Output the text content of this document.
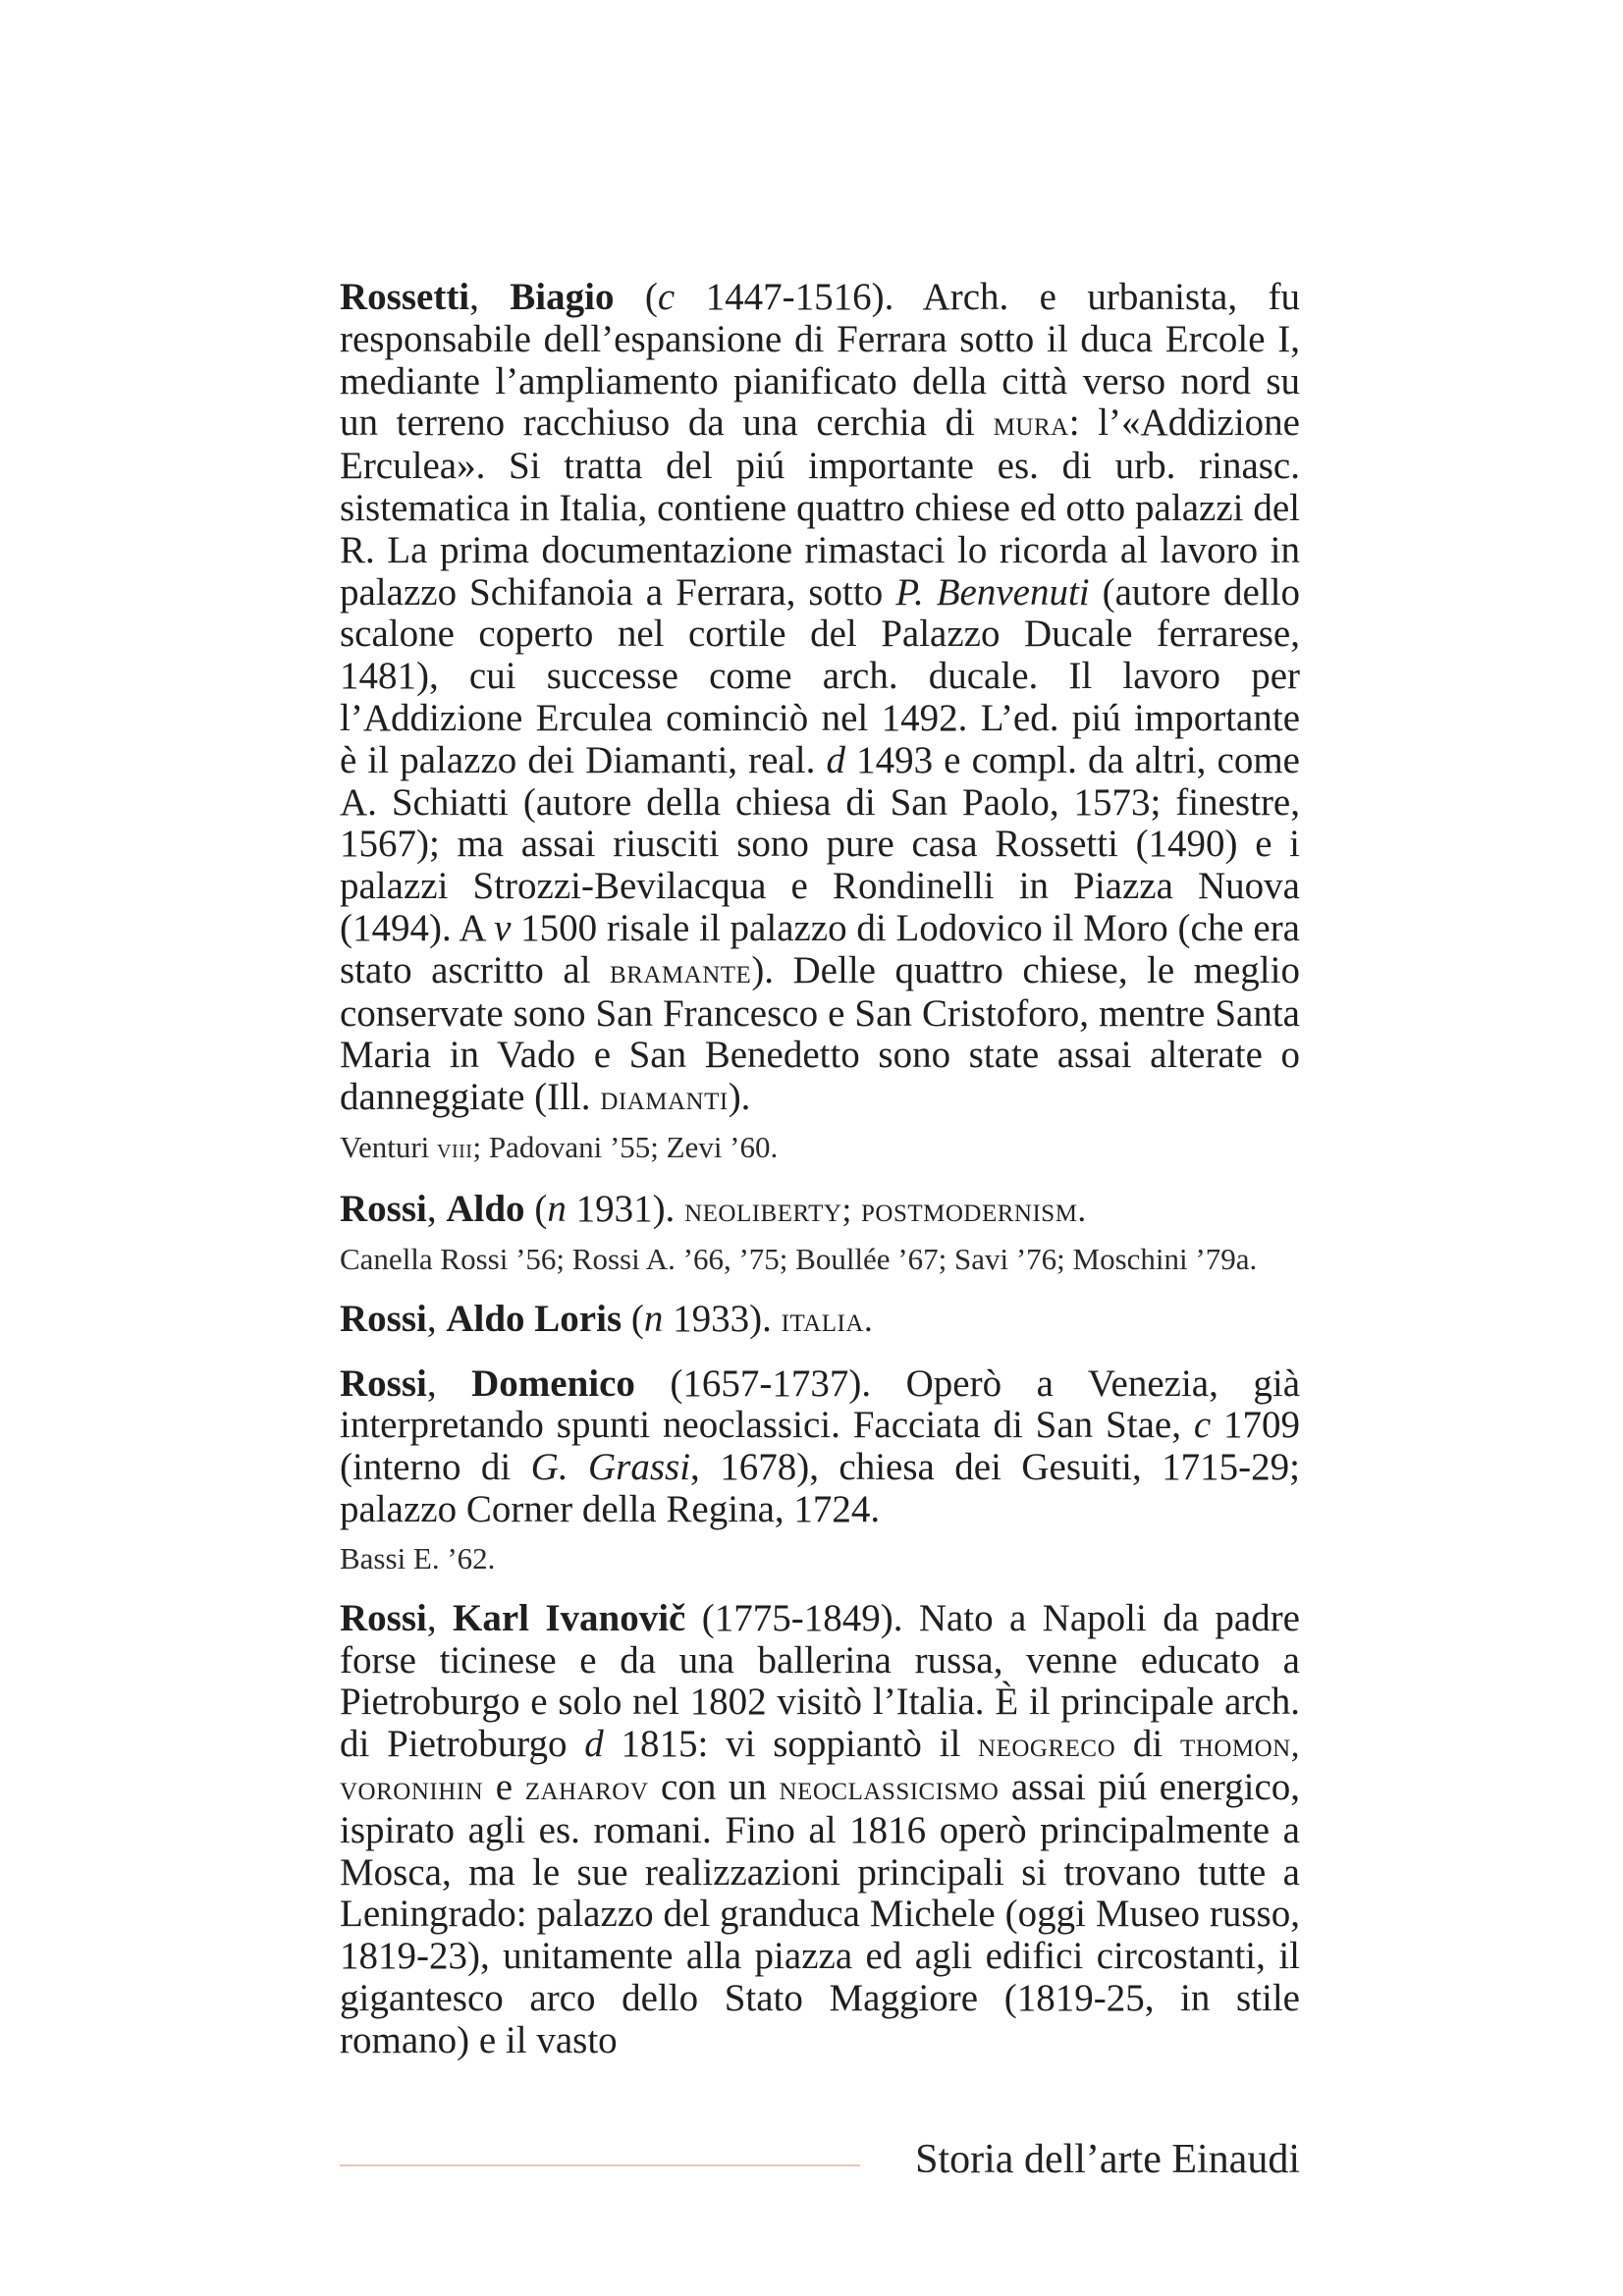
Rossetti, Biagio (c 1447-1516). Arch. e urbanista, fu responsabile dell’espansione di Ferrara sotto il duca Ercole I, mediante l’ampliamento pianificato della città verso nord su un terreno racchiuso da una cerchia di mura: l’«Addizione Erculea». Si tratta del piú importante es. di urb. rinasc. sistematica in Italia, contiene quattro chiese ed otto palazzi del R. La prima documentazione rimastaci lo ricorda al lavoro in palazzo Schifanoia a Ferrara, sotto P. Benvenuti (autore dello scalone coperto nel cortile del Palazzo Ducale ferrarese, 1481), cui successe come arch. ducale. Il lavoro per l’Addizione Erculea cominciò nel 1492. L’ed. piú importante è il palazzo dei Diamanti, real. d 1493 e compl. da altri, come A. Schiatti (autore della chiesa di San Paolo, 1573; finestre, 1567); ma assai riusciti sono pure casa Rossetti (1490) e i palazzi Strozzi-Bevilacqua e Rondinelli in Piazza Nuova (1494). A v 1500 risale il palazzo di Lodovico il Moro (che era stato ascritto al bramante). Delle quattro chiese, le meglio conservate sono San Francesco e San Cristoforo, mentre Santa Maria in Vado e San Benedetto sono state assai alterate o danneggiate (Ill. diamanti).

Venturi viii; Padovani ’55; Zevi ’60.

Rossi, Aldo (n 1931). neoliberty; postmodernism.

Canella Rossi ’56; Rossi A. ’66, ’75; Boullée ’67; Savi ’76; Moschini ’79a.

Rossi, Aldo Loris (n 1933). italia.

Rossi, Domenico (1657-1737). Operò a Venezia, già interpretando spunti neoclassici. Facciata di San Stae, c 1709 (interno di G. Grassi, 1678), chiesa dei Gesuiti, 1715-29; palazzo Corner della Regina, 1724.

Bassi E. ’62.

Rossi, Karl Ivanovič (1775-1849). Nato a Napoli da padre forse ticinese e da una ballerina russa, venne educato a Pietroburgo e solo nel 1802 visitò l’Italia. È il principale arch. di Pietroburgo d 1815: vi soppiantò il neogreco di thomon, voronihin e zaharov con un neoclassicismo assai piú energico, ispirato agli es. romani. Fino al 1816 operò principalmente a Mosca, ma le sue realizzazioni principali si trovano tutte a Leningrado: palazzo del granduca Michele (oggi Museo russo, 1819-23), unitamente alla piazza ed agli edifici circostanti, il gigantesco arco dello Stato Maggiore (1819-25, in stile romano) e il vasto

Storia dell’arte Einaudi
